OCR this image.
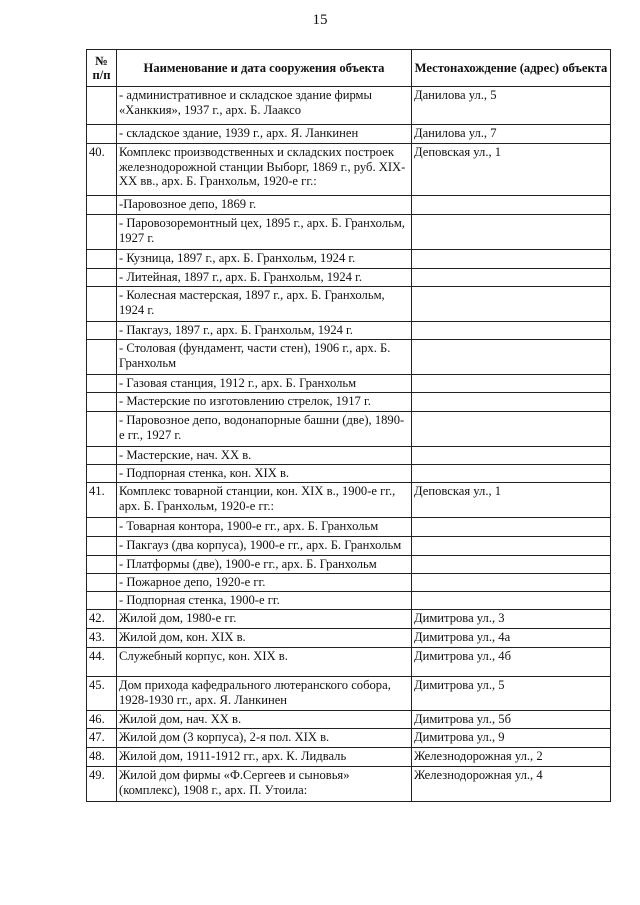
15
№ п/п	Наименование и дата сооружения объекта	Местонахождение (адрес) объекта
	- административное и складское здание фирмы «Ханккия», 1937 г., арх. Б. Лааксо	Данилова ул., 5
	- складское здание, 1939 г., арх. Я. Ланкинен	Данилова ул., 7
40.	Комплекс производственных и складских построек железнодорожной станции Выборг, 1869 г., руб. XIX-XX вв., арх. Б. Гранхольм, 1920-е гг.:	Деповская ул., 1
	-Паровозное депо, 1869 г.	
	- Паровозоремонтный цех, 1895 г., арх. Б. Гранхольм, 1927 г.	
	- Кузница, 1897 г., арх. Б. Гранхольм, 1924 г.	
	- Литейная, 1897 г., арх. Б. Гранхольм, 1924 г.	
	- Колесная мастерская, 1897 г., арх. Б. Гранхольм, 1924 г.	
	- Пакгауз, 1897 г., арх. Б. Гранхольм, 1924 г.	
	- Столовая (фундамент, части стен), 1906 г., арх. Б. Гранхольм	
	- Газовая станция, 1912 г., арх. Б. Гранхольм	
	- Мастерские по изготовлению стрелок, 1917 г.	
	- Паровозное депо, водонапорные башни (две), 1890-е гг., 1927 г.	
	- Мастерские, нач. XX в.	
	- Подпорная стенка, кон. XIX в.	
41.	Комплекс товарной станции, кон. XIX в., 1900-е гг., арх. Б. Гранхольм, 1920-е гг.:	Деповская ул., 1
	- Товарная контора, 1900-е гг., арх. Б. Гранхольм	
	- Пакгауз (два корпуса), 1900-е гг., арх. Б. Гранхольм	
	- Платформы (две), 1900-е гг., арх. Б. Гранхольм	
	- Пожарное депо, 1920-е гг.	
	- Подпорная стенка, 1900-е гг.	
42.	Жилой дом, 1980-е гг.	Димитрова ул., 3
43.	Жилой дом, кон. XIX в.	Димитрова ул., 4а
44.	Служебный корпус, кон. XIX в.	Димитрова ул., 4б
45.	Дом прихода кафедрального лютеранского собора, 1928-1930 гг., арх. Я. Ланкинен	Димитрова ул., 5
46.	Жилой дом, нач. XX в.	Димитрова ул., 5б
47.	Жилой дом (3 корпуса), 2-я пол. XIX в.	Димитрова ул., 9
48.	Жилой дом, 1911-1912 гг., арх. К. Лидваль	Железнодорожная ул., 2
49.	Жилой дом фирмы «Ф.Сергеев и сыновья» (комплекс), 1908 г., арх. П. Утоила:	Железнодорожная ул., 4
